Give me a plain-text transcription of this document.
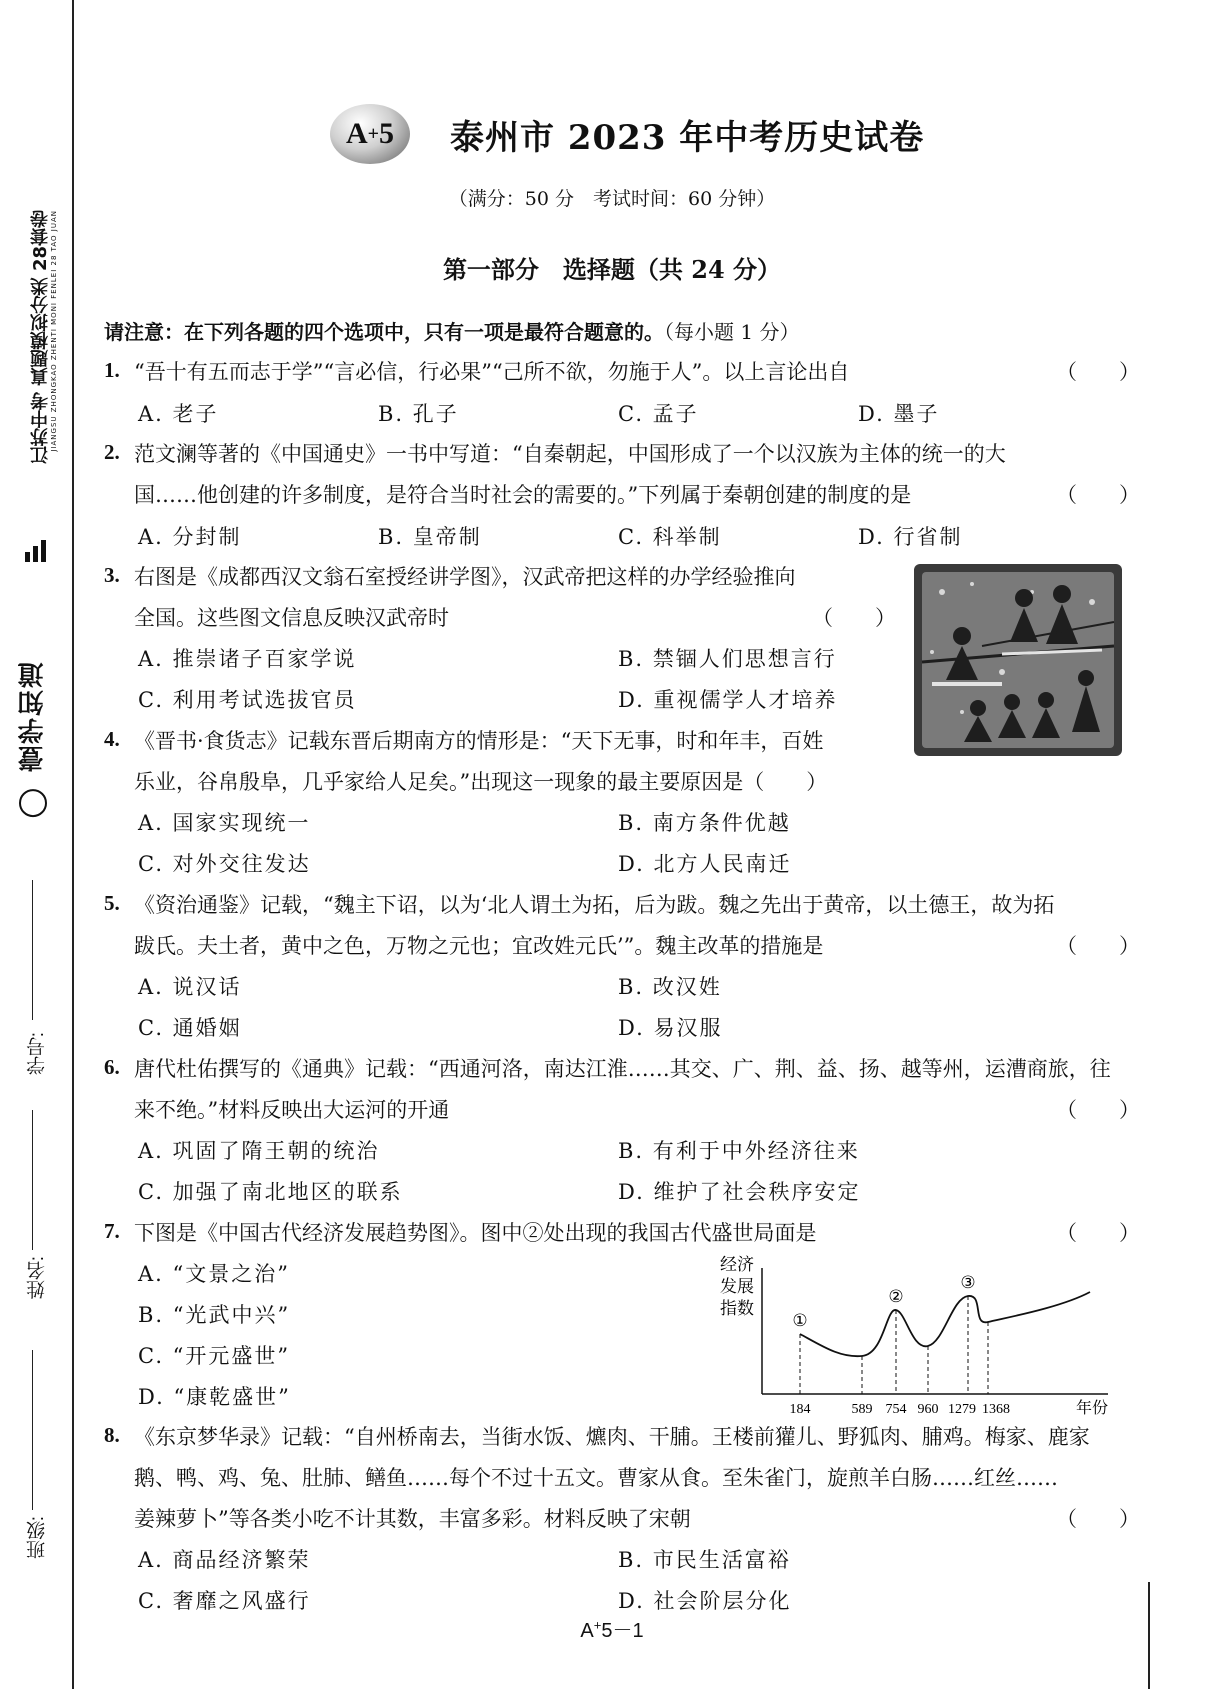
壹学知道
江苏中考 真题模拟分类 28套卷 JIANGSU ZHONGKAO ZHENTI MONI FENLEI 28 TAO JUAN
学号:
姓名:
班级:
A + 5 泰州市 2023 年中考历史试卷
（满分：50 分　考试时间：60 分钟）
第一部分　选择题（共 24 分）
请注意：在下列各题的四个选项中，只有一项是最符合题意的。（每小题 1 分）
1. “吾十有五而志于学”“言必信，行必果”“己所不欲，勿施于人”。以上言论出自	（　　）
A. 老子	B. 孔子	C. 孟子	D. 墨子
2. 范文澜等著的《中国通史》一书中写道：“自秦朝起，中国形成了一个以汉族为主体的统一的大
国……他创建的许多制度，是符合当时社会的需要的。”下列属于秦朝创建的制度的是	（　　）
A. 分封制	B. 皇帝制	C. 科举制	D. 行省制
3. 右图是《成都西汉文翁石室授经讲学图》，汉武帝把这样的办学经验推向
全国。这些图文信息反映汉武帝时	（　　）
A. 推崇诸子百家学说	B. 禁锢人们思想言行
C. 利用考试选拔官员	D. 重视儒学人才培养
4. 《晋书·食货志》记载东晋后期南方的情形是：“天下无事，时和年丰，百姓
乐业，谷帛殷阜，几乎家给人足矣。”出现这一现象的最主要原因是（　　）
A. 国家实现统一	B. 南方条件优越
C. 对外交往发达	D. 北方人民南迁
5. 《资治通鉴》记载，“魏主下诏，以为‘北人谓土为拓，后为跋。魏之先出于黄帝，以土德王，故为拓
跋氏。夫土者，黄中之色，万物之元也；宜改姓元氏’”。魏主改革的措施是	（　　）
A. 说汉话	B. 改汉姓
C. 通婚姻	D. 易汉服
6. 唐代杜佑撰写的《通典》记载：“西通河洛，南达江淮……其交、广、荆、益、扬、越等州，运漕商旅，往
来不绝。”材料反映出大运河的开通	（　　）
A. 巩固了隋王朝的统治	B. 有利于中外经济往来
C. 加强了南北地区的联系	D. 维护了社会秩序安定
7. 下图是《中国古代经济发展趋势图》。图中②处出现的我国古代盛世局面是	（　　）
A. “文景之治”
B. “光武中兴”
C. “开元盛世”
D. “康乾盛世”
经济
发展
指数
184	589 754 960 1279 1368
①
②
③
年份
8. 《东京梦华录》记载：“自州桥南去，当街水饭、爊肉、干脯。王楼前獾儿、野狐肉、脯鸡。梅家、鹿家
鹅、鸭、鸡、兔、肚肺、鳝鱼……每个不过十五文。曹家从食。至朱雀门，旋煎羊白肠……红丝……
姜辣萝卜”等各类小吃不计其数，丰富多彩。材料反映了宋朝	（　　）
A. 商品经济繁荣	B. 市民生活富裕
C. 奢靡之风盛行	D. 社会阶层分化
A+5－1
